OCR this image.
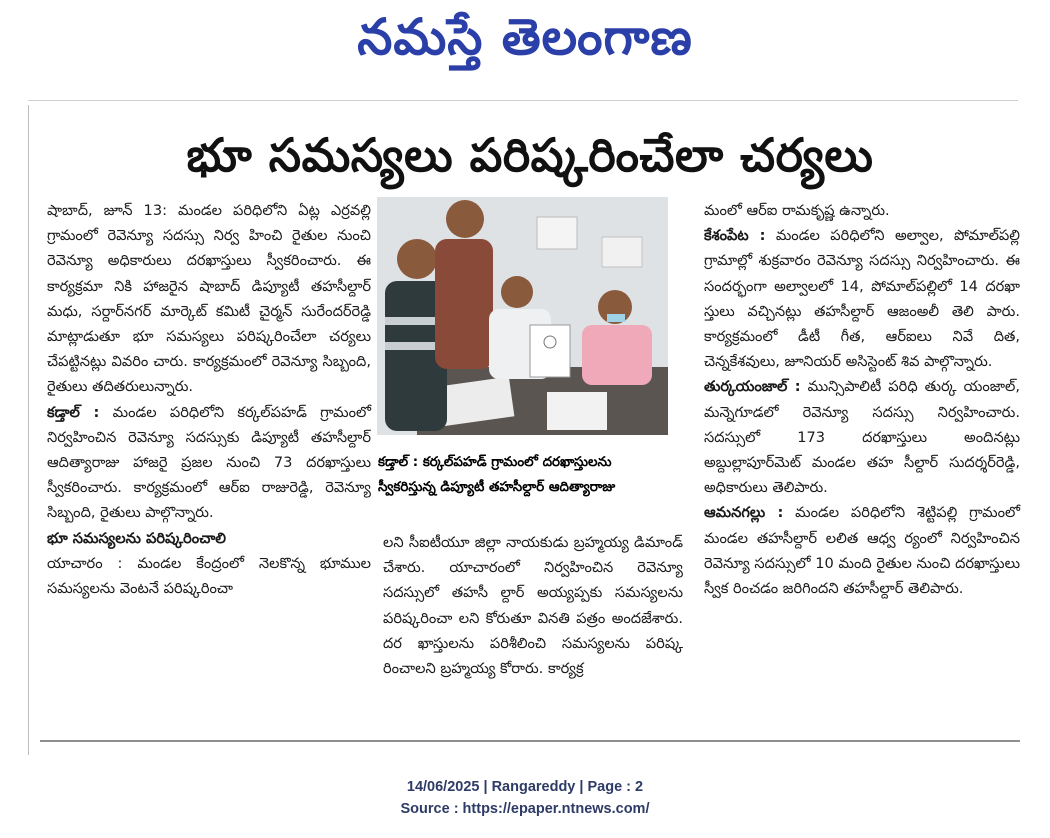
నమస్తే తెలంగాణ
భూ సమస్యలు పరిష్కరించేలా చర్యలు

షాబాద్, జూన్ 13: మండల పరిధిలోని ఏట్ల ఎర్రవల్లి గ్రామంలో రెవెన్యూ సదస్సు నిర్వ హించి రైతుల నుంచి రెవెన్యూ అధికారులు దరఖాస్తులు స్వీకరించారు. ఈ కార్యక్రమా నికి హాజరైన షాబాద్ డిప్యూటీ తహసీల్దార్ మధు, సర్దార్‌నగర్ మార్కెట్ కమిటీ చైర్మన్ సురేందర్‌రెడ్డి మాట్లాడుతూ భూ సమస్యలు పరిష్కరించేలా చర్యలు చేపట్టినట్లు వివరిం చారు. కార్యక్రమంలో రెవెన్యూ సిబ్బంది, రైతులు తదితరులున్నారు.

కడ్తాల్ : మండల పరిధిలోని కర్కల్‌పహడ్ గ్రామంలో నిర్వహించిన రెవెన్యూ సదస్సుకు డిప్యూటీ తహసీల్దార్ ఆదిత్యారాజు హాజరై ప్రజల నుంచి 73 దరఖాస్తులు స్వీకరించారు. కార్యక్రమంలో ఆర్ఐ రాజురెడ్డి, రెవెన్యూ సిబ్బంది, రైతులు పాల్గొన్నారు.

భూ సమస్యలను పరిష్కరించాలి

యాచారం : మండల కేంద్రంలో నెలకొన్న భూముల సమస్యలను వెంటనే పరిష్కరించా

కడ్తాల్ : కర్కల్‌పహడ్ గ్రామంలో దరఖాస్తులను
స్వీకరిస్తున్న డిప్యూటీ తహసీల్దార్ ఆదిత్యారాజు

లని సీఐటీయూ జిల్లా నాయకుడు బ్రహ్మయ్య డిమాండ్ చేశారు. యాచారంలో నిర్వహించిన రెవెన్యూ సదస్సులో తహసీ ల్దార్ అయ్యప్పకు సమస్యలను పరిష్కరించా లని కోరుతూ వినతి పత్రం అందజేశారు. దర ఖాస్తులను పరిశీలించి సమస్యలను పరిష్క రించాలని బ్రహ్మయ్య కోరారు. కార్యక్ర

మంలో ఆర్ఐ రామకృష్ణ ఉన్నారు.

కేశంపేట : మండల పరిధిలోని అల్వాల, పోమాల్‌పల్లి గ్రామాల్లో శుక్రవారం రెవెన్యూ సదస్సు నిర్వహించారు. ఈ సందర్భంగా అల్వాలలో 14, పోమాల్‌పల్లిలో 14 దరఖా స్తులు వచ్చినట్లు తహసీల్దార్ ఆజంఅలీ తెలి పారు. కార్యక్రమంలో డీటీ గీత, ఆర్ఐలు నివే దిత, చెన్నకేశవులు, జూనియర్ అసిస్టెంట్ శివ పాల్గొన్నారు.

తుర్కయంజాల్ : మున్సిపాలిటీ పరిధి తుర్క యంజాల్, మన్నెగూడలో రెవెన్యూ సదస్సు నిర్వహించారు. సదస్సులో 173 దరఖాస్తులు అందినట్లు అబ్దుల్లాపూర్‌మెట్ మండల తహ సీల్దార్ సుదర్శర్‌రెడ్డి, అధికారులు తెలిపారు.

ఆమనగల్లు : మండల పరిధిలోని శెట్టిపల్లి గ్రామంలో మండల తహసీల్దార్ లలిత ఆధ్వ ర్యంలో నిర్వహించిన రెవెన్యూ సదస్సులో 10 మంది రైతుల నుంచి దరఖాస్తులు స్వీక రించడం జరిగిందని తహసీల్దార్ తెలిపారు.

14/06/2025 | Rangareddy | Page : 2
Source : https://epaper.ntnews.com/
